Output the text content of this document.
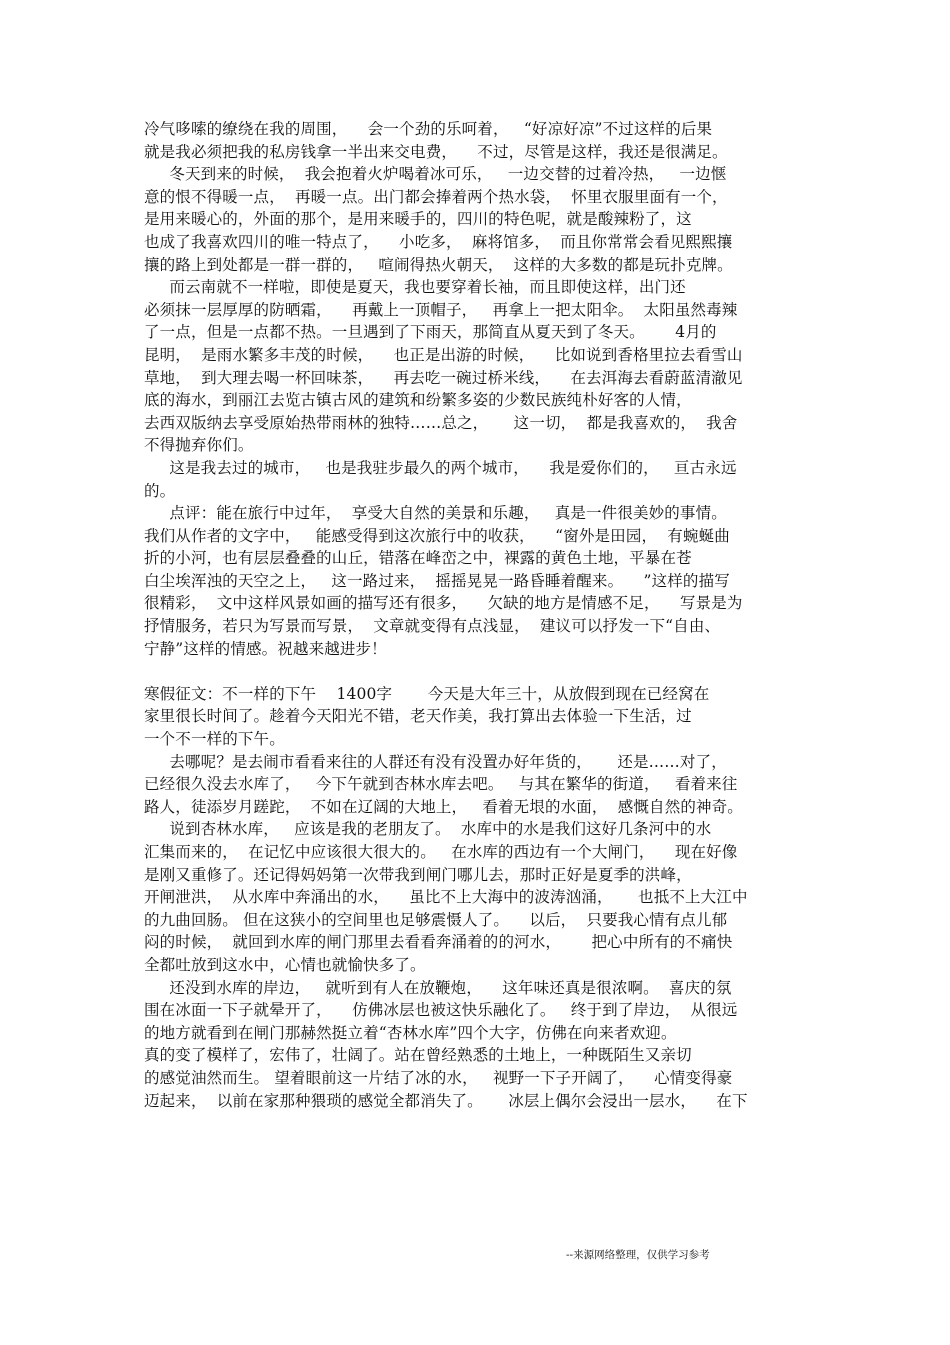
冷气哆嗦的缭绕在我的周围，    会一个劲的乐呵着，   “好凉好凉”不过这样的后果
就是我必须把我的私房钱拿一半出来交电费，    不过，尽管是这样，我还是很满足。
冬天到来的时候，  我会抱着火炉喝着冰可乐，   一边交替的过着冷热，   一边惬
意的恨不得暖一点，  再暖一点。出门都会捧着两个热水袋，  怀里衣服里面有一个，
是用来暖心的，外面的那个，是用来暖手的，四川的特色呢，就是酸辣粉了，这
也成了我喜欢四川的唯一特点了，    小吃多，  麻将馆多，  而且你常常会看见熙熙攘
攘的路上到处都是一群一群的，   喧闹得热火朝天，  这样的大多数的都是玩扑克牌。
而云南就不一样啦，即使是夏天，我也要穿着长袖，而且即使这样，出门还
必须抹一层厚厚的防晒霜，    再戴上一顶帽子，   再拿上一把太阳伞。  太阳虽然毒辣
了一点，但是一点都不热。一旦遇到了下雨天，那简直从夏天到了冬天。      4月的
昆明，  是雨水繁多丰茂的时候，    也正是出游的时候，    比如说到香格里拉去看雪山
草地，  到大理去喝一杯回味茶，    再去吃一碗过桥米线，    在去洱海去看蔚蓝清澈见
底的海水，到丽江去览古镇古风的建筑和纷繁多姿的少数民族纯朴好客的人情，
去西双版纳去享受原始热带雨林的独特……总之，     这一切，  都是我喜欢的，  我舍
不得抛弃你们。
这是我去过的城市，   也是我驻步最久的两个城市，    我是爱你们的，   亘古永远
的。
点评：能在旅行中过年，  享受大自然的美景和乐趣，   真是一件很美妙的事情。
我们从作者的文字中，   能感受得到这次旅行中的收获，    “窗外是田园，  有蜿蜒曲
折的小河，也有层层叠叠的山丘，错落在峰峦之中，裸露的黄色土地，平暴在苍
白尘埃浑浊的天空之上，   这一路过来，  摇摇晃晃一路昏睡着醒来。    ”这样的描写
很精彩，  文中这样风景如画的描写还有很多，    欠缺的地方是情感不足，    写景是为
抒情服务，若只为写景而写景，  文章就变得有点浅显，  建议可以抒发一下“自由、
宁静”这样的情感。祝越来越进步！
寒假征文：不一样的下午    1400字       今天是大年三十，从放假到现在已经窝在
家里很长时间了。趁着今天阳光不错，老天作美，我打算出去体验一下生活，过
一个不一样的下午。
去哪呢？是去闹市看看来往的人群还有没有没置办好年货的，     还是……对了，
已经很久没去水库了，   今下午就到杏林水库去吧。   与其在繁华的街道，   看着来往
路人，徒添岁月蹉跎，  不如在辽阔的大地上，   看着无垠的水面，  感慨自然的神奇。
说到杏林水库，   应该是我的老朋友了。  水库中的水是我们这好几条河中的水
汇集而来的，  在记忆中应该很大很大的。   在水库的西边有一个大闸门，    现在好像
是刚又重修了。还记得妈妈第一次带我到闸门哪儿去，那时正好是夏季的洪峰，
开闸泄洪，  从水库中奔涌出的水，    虽比不上大海中的波涛汹涌，     也抵不上大江中
的九曲回肠。 但在这狭小的空间里也足够震慑人了。    以后，  只要我心情有点儿郁
闷的时候，  就回到水库的闸门那里去看看奔涌着的的河水，      把心中所有的不痛快
全都吐放到这水中，心情也就愉快多了。
还没到水库的岸边，   就听到有人在放鞭炮，    这年味还真是很浓啊。  喜庆的氛
围在冰面一下子就晕开了，    仿佛冰层也被这快乐融化了。   终于到了岸边，  从很远
的地方就看到在闸门那赫然挺立着“杏林水库”四个大字，仿佛在向来者欢迎。
真的变了模样了，宏伟了，壮阔了。站在曾经熟悉的土地上，一种既陌生又亲切
的感觉油然而生。 望着眼前这一片结了冰的水，   视野一下子开阔了，    心情变得豪
迈起来，  以前在家那种猥琐的感觉全都消失了。     冰层上偶尔会浸出一层水，    在下
--来源网络整理，仅供学习参考
